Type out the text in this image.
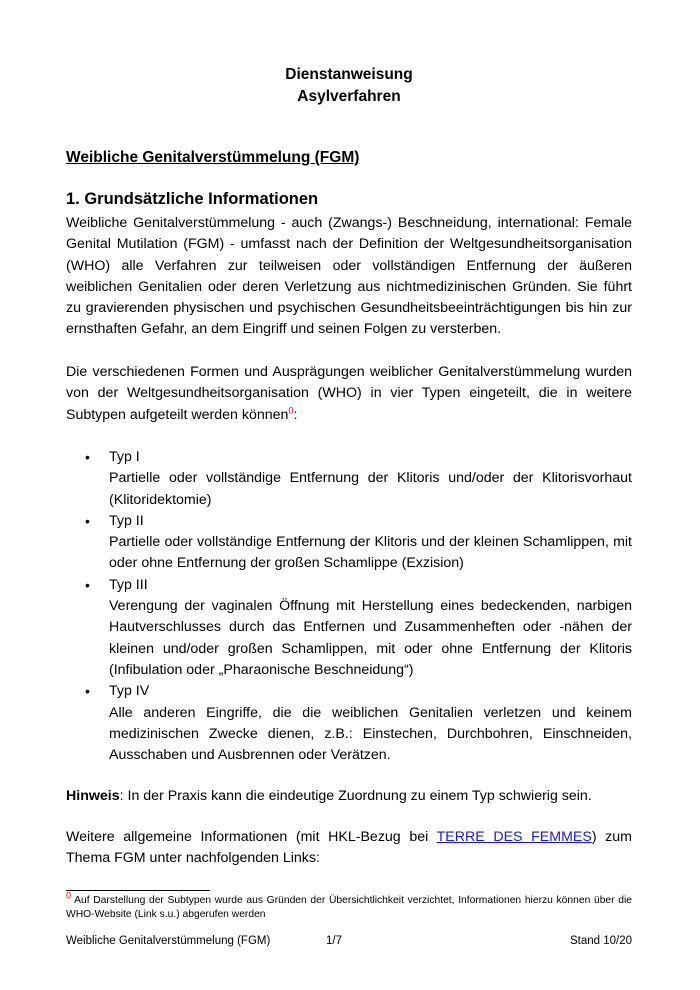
Dienstanweisung
Asylverfahren
Weibliche Genitalverstümmelung (FGM)
1. Grundsätzliche Informationen
Weibliche Genitalverstümmelung - auch (Zwangs-) Beschneidung, international: Female Genital Mutilation (FGM) - umfasst nach der Definition der Weltgesundheitsorganisation (WHO) alle Verfahren zur teilweisen oder vollständigen Entfernung der äußeren weiblichen Genitalien oder deren Verletzung aus nichtmedizinischen Gründen. Sie führt zu gravierenden physischen und psychischen Gesundheitsbeeinträchtigungen bis hin zur ernsthaften Gefahr, an dem Eingriff und seinen Folgen zu versterben.
Die verschiedenen Formen und Ausprägungen weiblicher Genitalverstümmelung wurden von der Weltgesundheitsorganisation (WHO) in vier Typen eingeteilt, die in weitere Subtypen aufgeteilt werden können$^0$:
• Typ I
Partielle oder vollständige Entfernung der Klitoris und/oder der Klitorisvorhaut (Klitoridektomie)
• Typ II
Partielle oder vollständige Entfernung der Klitoris und der kleinen Schamlippen, mit oder ohne Entfernung der großen Schamlippe (Exzision)
• Typ III
Verengung der vaginalen Öffnung mit Herstellung eines bedeckenden, narbigen Hautverschlusses durch das Entfernen und Zusammenheften oder -nähen der kleinen und/oder großen Schamlippen, mit oder ohne Entfernung der Klitoris (Infibulation oder „Pharaonische Beschneidung“)
• Typ IV
Alle anderen Eingriffe, die die weiblichen Genitalien verletzen und keinem medizinischen Zwecke dienen, z.B.: Einstechen, Durchbohren, Einschneiden, Ausschaben und Ausbrennen oder Verätzen.
Hinweis: In der Praxis kann die eindeutige Zuordnung zu einem Typ schwierig sein.
Weitere allgemeine Informationen (mit HKL-Bezug bei TERRE DES FEMMES) zum Thema FGM unter nachfolgenden Links:
0 Auf Darstellung der Subtypen wurde aus Gründen der Übersichtlichkeit verzichtet, Informationen hierzu können über die WHO-Website (Link s.u.) abgerufen werden
Weibliche Genitalverstümmelung (FGM)	1/7	Stand 10/20
